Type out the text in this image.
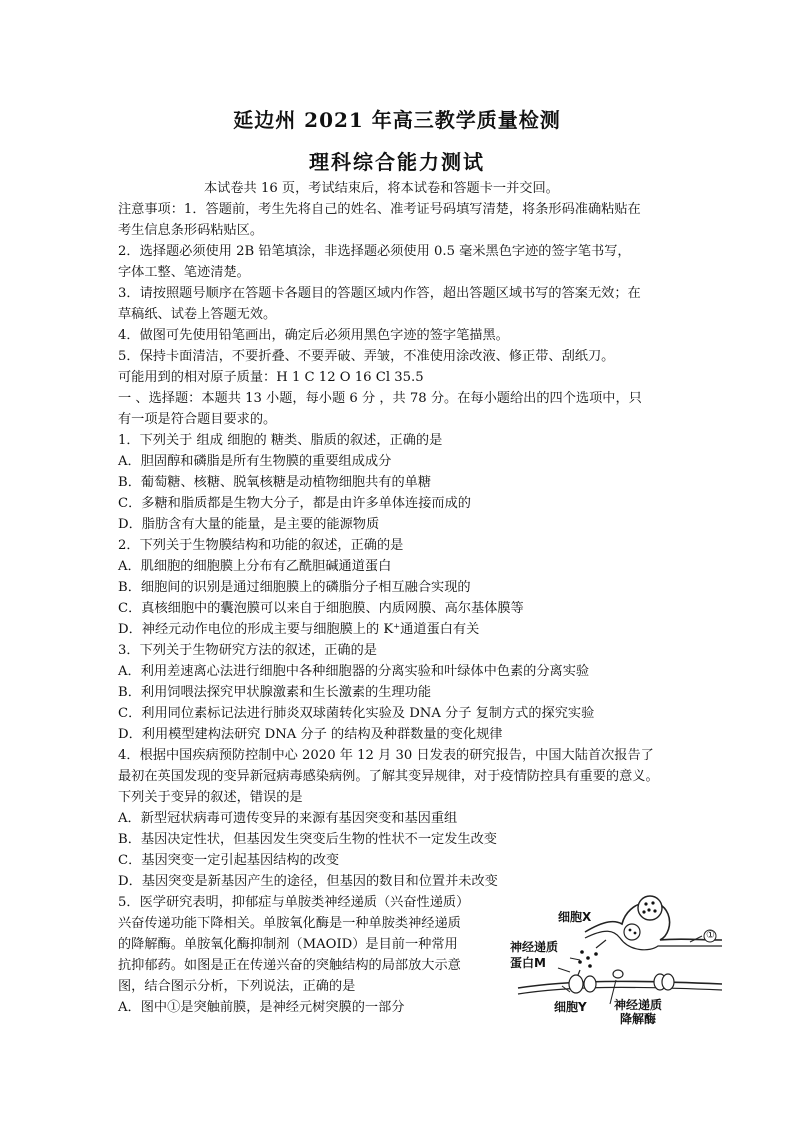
延边州 2021 年高三教学质量检测
理科综合能力测试
本试卷共 16 页，考试结束后，将本试卷和答题卡一并交回。
注意事项：1．答题前，考生先将自己的姓名、准考证号码填写清楚，将条形码准确粘贴在
考生信息条形码粘贴区。
2．选择题必须使用 2B 铅笔填涂，非选择题必须使用 0.5 毫米黑色字迹的签字笔书写，
字体工整、笔迹清楚。
3．请按照题号顺序在答题卡各题目的答题区域内作答，超出答题区域书写的答案无效；在
草稿纸、试卷上答题无效。
4．做图可先使用铅笔画出，确定后必须用黑色字迹的签字笔描黑。
5．保持卡面清洁，不要折叠、不要弄破、弄皱，不准使用涂改液、修正带、刮纸刀。
可能用到的相对原子质量：H 1 C 12 O 16 Cl 35.5
一 、选择题：本题共 13 小题，每小题 6 分 ，共 78 分。在每小题给出的四个选项中，只
有一项是符合题目要求的。
1．下列关于 组成 细胞的 糖类、脂质的叙述，正确的是
A．胆固醇和磷脂是所有生物膜的重要组成成分
B．葡萄糖、核糖、脱氧核糖是动植物细胞共有的单糖
C．多糖和脂质都是生物大分子，都是由许多单体连接而成的
D．脂肪含有大量的能量，是主要的能源物质
2．下列关于生物膜结构和功能的叙述，正确的是
A．肌细胞的细胞膜上分布有乙酰胆碱通道蛋白
B．细胞间的识别是通过细胞膜上的磷脂分子相互融合实现的
C．真核细胞中的囊泡膜可以来自于细胞膜、内质网膜、高尔基体膜等
D．神经元动作电位的形成主要与细胞膜上的 K⁺通道蛋白有关
3．下列关于生物研究方法的叙述，正确的是
A．利用差速离心法进行细胞中各种细胞器的分离实验和叶绿体中色素的分离实验
B．利用饲喂法探究甲状腺激素和生长激素的生理功能
C．利用同位素标记法进行肺炎双球菌转化实验及 DNA 分子 复制方式的探究实验
D．利用模型建构法研究 DNA 分子 的结构及种群数量的变化规律
4．根据中国疾病预防控制中心 2020 年 12 月 30 日发表的研究报告，中国大陆首次报告了
最初在英国发现的变异新冠病毒感染病例。了解其变异规律，对于疫情防控具有重要的意义。
下列关于变异的叙述，错误的是
A．新型冠状病毒可遗传变异的来源有基因突变和基因重组
B．基因决定性状，但基因发生突变后生物的性状不一定发生改变
C．基因突变一定引起基因结构的改变
D．基因突变是新基因产生的途径，但基因的数目和位置并未改变
5．医学研究表明，抑郁症与单胺类神经递质（兴奋性递质）
兴奋传递功能下降相关。单胺氧化酶是一种单胺类神经递质
的降解酶。单胺氧化酶抑制剂（MAOID）是目前一种常用
抗抑郁药。如图是正在传递兴奋的突触结构的局部放大示意
图，结合图示分析，下列说法，正确的是
A．图中①是突触前膜，是神经元树突膜的一部分
细胞X
神经递质
蛋白M
①
细胞Y 神经递质
降解酶
